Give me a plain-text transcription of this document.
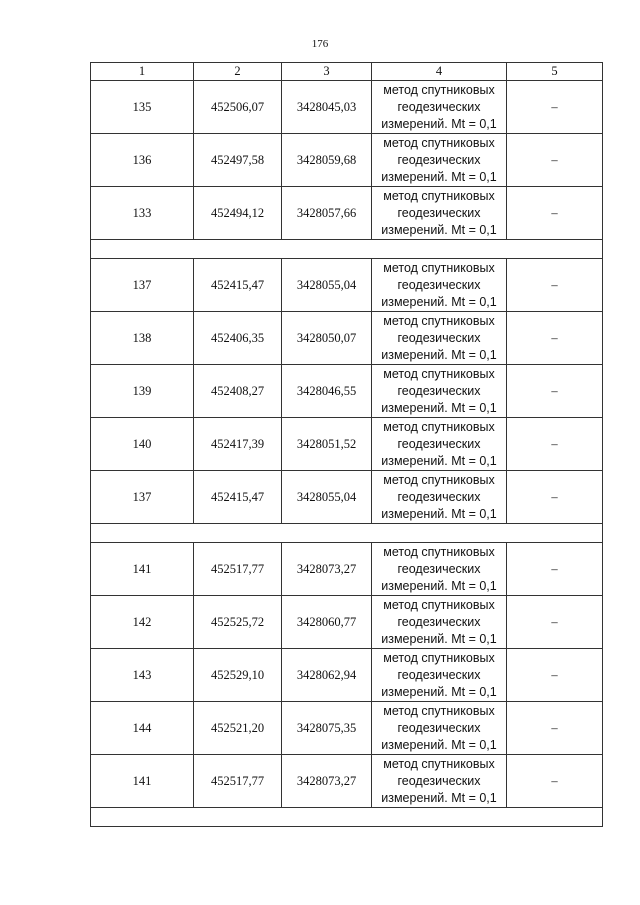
176
1	2	3	4	5
135	452506,07	3428045,03	метод спутниковых
геодезических
измерений. Mt = 0,1	–
136	452497,58	3428059,68	метод спутниковых
геодезических
измерений. Mt = 0,1	–
133	452494,12	3428057,66	метод спутниковых
геодезических
измерений. Mt = 0,1	–

137	452415,47	3428055,04	метод спутниковых
геодезических
измерений. Mt = 0,1	–
138	452406,35	3428050,07	метод спутниковых
геодезических
измерений. Mt = 0,1	–
139	452408,27	3428046,55	метод спутниковых
геодезических
измерений. Mt = 0,1	–
140	452417,39	3428051,52	метод спутниковых
геодезических
измерений. Mt = 0,1	–
137	452415,47	3428055,04	метод спутниковых
геодезических
измерений. Mt = 0,1	–

141	452517,77	3428073,27	метод спутниковых
геодезических
измерений. Mt = 0,1	–
142	452525,72	3428060,77	метод спутниковых
геодезических
измерений. Mt = 0,1	–
143	452529,10	3428062,94	метод спутниковых
геодезических
измерений. Mt = 0,1	–
144	452521,20	3428075,35	метод спутниковых
геодезических
измерений. Mt = 0,1	–
141	452517,77	3428073,27	метод спутниковых
геодезических
измерений. Mt = 0,1	–
